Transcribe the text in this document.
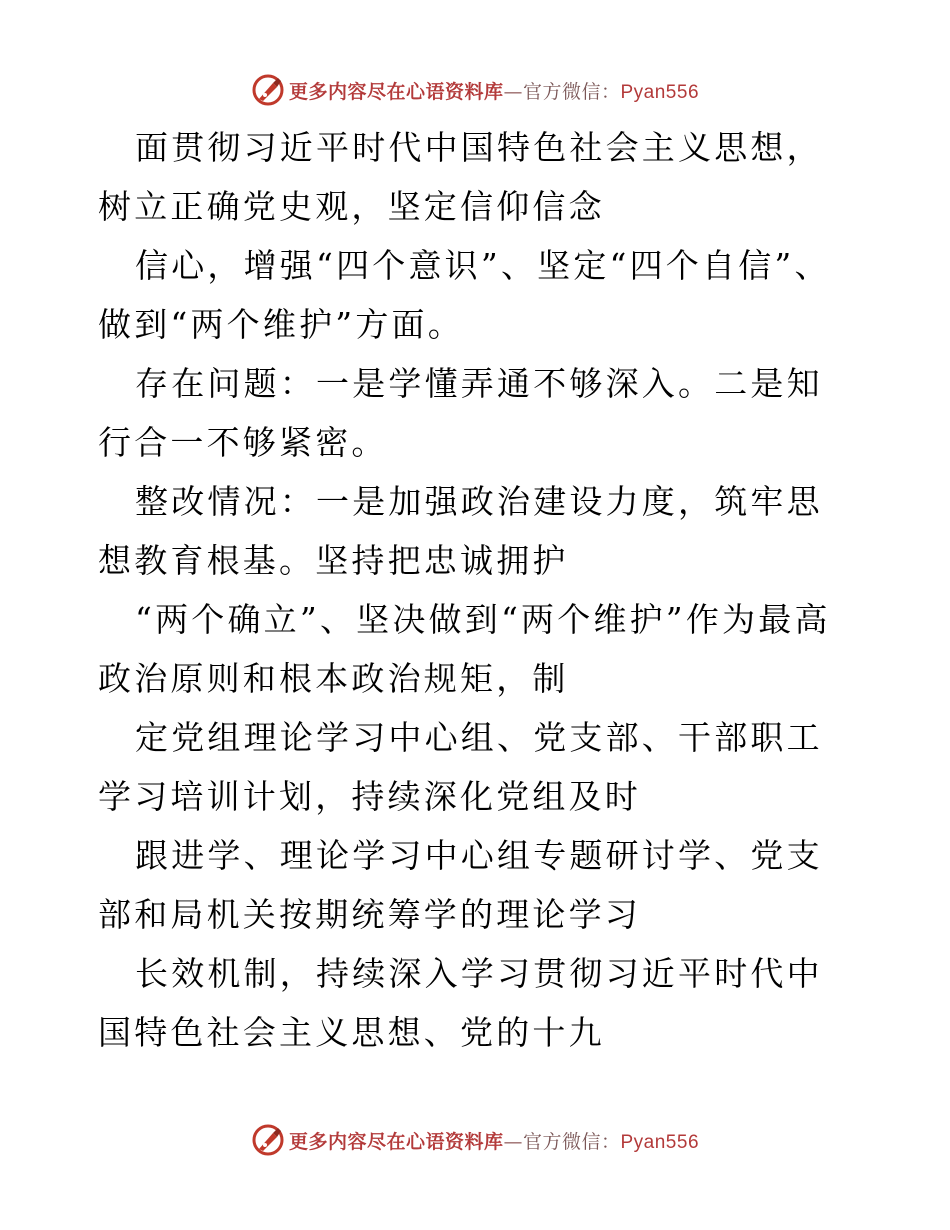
更多内容尽在心语资料库—官方微信：Pyan556

面贯彻习近平时代中国特色社会主义思想，树立正确党史观，坚定信仰信念

信心，增强“四个意识”、坚定“四个自信”、做到“两个维护”方面。

存在问题：一是学懂弄通不够深入。二是知行合一不够紧密。

整改情况：一是加强政治建设力度，筑牢思想教育根基。坚持把忠诚拥护

“两个确立”、坚决做到“两个维护”作为最高政治原则和根本政治规矩，制

定党组理论学习中心组、党支部、干部职工学习培训计划，持续深化党组及时

跟进学、理论学习中心组专题研讨学、党支部和局机关按期统筹学的理论学习

长效机制，持续深入学习贯彻习近平时代中国特色社会主义思想、党的十九

更多内容尽在心语资料库—官方微信：Pyan556
